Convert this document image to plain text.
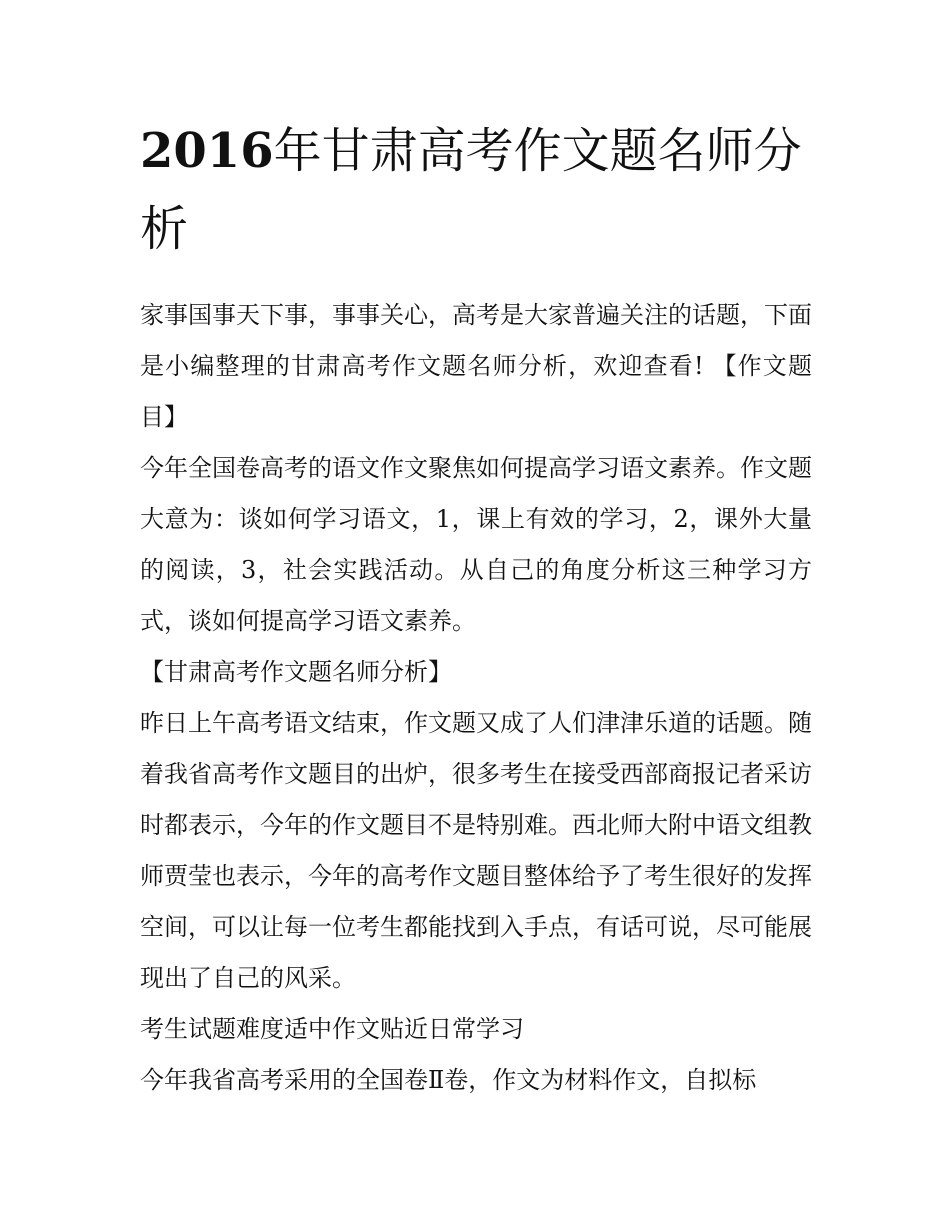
2016年甘肃高考作文题名师分析

家事国事天下事，事事关心，高考是大家普遍关注的话题，下面是小编整理的甘肃高考作文题名师分析，欢迎查看! 【作文题目】

今年全国卷高考的语文作文聚焦如何提高学习语文素养。作文题大意为：谈如何学习语文，1，课上有效的学习，2，课外大量的阅读，3，社会实践活动。从自己的角度分析这三种学习方式，谈如何提高学习语文素养。

【甘肃高考作文题名师分析】

昨日上午高考语文结束，作文题又成了人们津津乐道的话题。随着我省高考作文题目的出炉，很多考生在接受西部商报记者采访时都表示，今年的作文题目不是特别难。西北师大附中语文组教师贾莹也表示，今年的高考作文题目整体给予了考生很好的发挥空间，可以让每一位考生都能找到入手点，有话可说，尽可能展现出了自己的风采。

考生试题难度适中作文贴近日常学习

今年我省高考采用的全国卷Ⅱ卷，作文为材料作文，自拟标
